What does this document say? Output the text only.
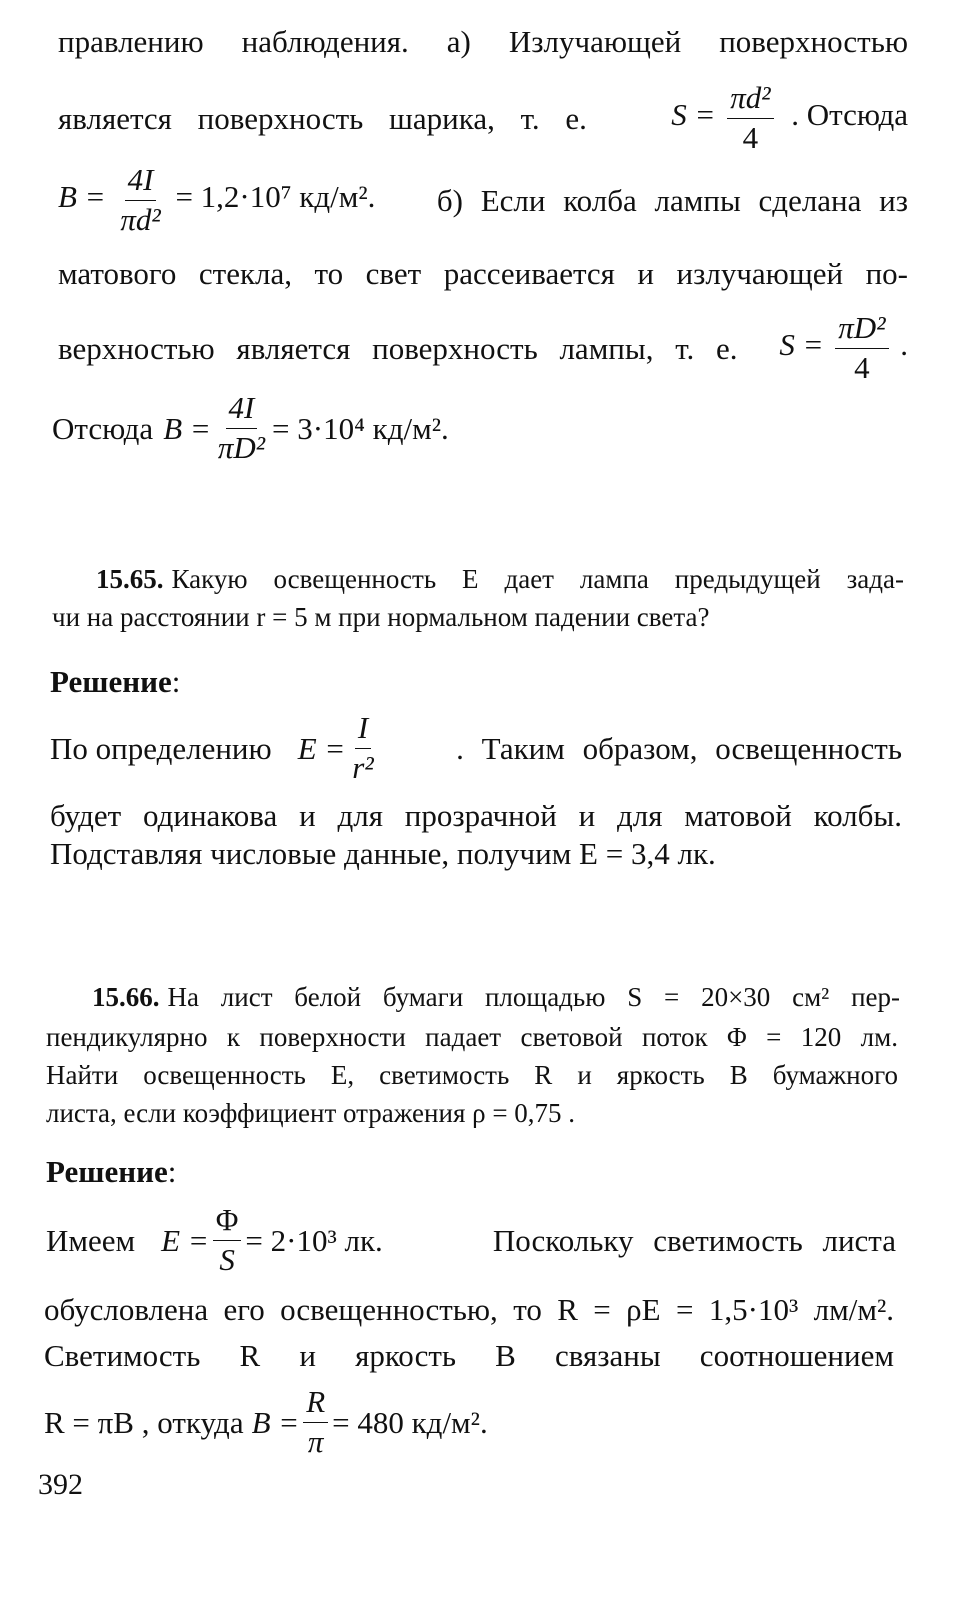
правлению наблюдения. а) Излучающей поверхностью
является поверхность шарика, т. е.	$S = \frac{\text{πd²}}{4}$ . Отсюда
$B = \frac{4I}{\text{πd²}} = 1,2\cdot 10^7$ кд/м². б) Если колба лампы сделана из
матового стекла, то свет рассеивается и излучающей по-
верхностью является поверхность лампы, т. е. $S = \frac{\text{πD²}}{4}$ .
Отсюда $B = \frac{4I}{\text{πD²}} = 3\cdot 10^4$ кд/м².
15.65. Какую освещенность E дает лампа предыдущей зада-
чи на расстоянии r = 5 м при нормальном падении света?
Решение:
По определению $E = \frac{I}{\text{r²}}$	. Таким образом, освещенность
будет одинакова и для прозрачной и для матовой колбы.
Подставляя числовые данные, получим E = 3,4 лк.
15.66. На лист белой бумаги площадью S = 20×30 см² пер-
пендикулярно к поверхности падает световой поток Φ = 120 лм.
Найти освещенность E, светимость R и яркость B бумажного
листа, если коэффициент отражения ρ = 0,75 .
Решение:
Имеем $E = \frac{\Phi}{S} = 2\cdot 10^3$ лк.	Поскольку светимость листа
обусловлена его освещенностью, то R = ρE = 1,5·10³ лм/м².
Светимость R и яркость B связаны соотношением
R = πB , откуда $B = \frac{R}{\pi} = 480$ кд/м².
392
